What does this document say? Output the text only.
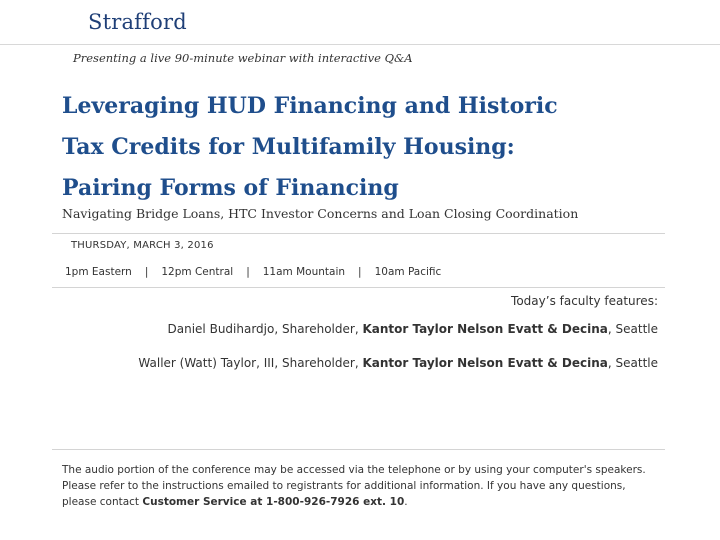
Strafford
Presenting a live 90-minute webinar with interactive Q&A
Leveraging HUD Financing and Historic
Tax Credits for Multifamily Housing:
Pairing Forms of Financing
Navigating Bridge Loans, HTC Investor Concerns and Loan Closing Coordination
THURSDAY, MARCH 3, 2016
1pm Eastern | 12pm Central | 11am Mountain | 10am Pacific
Today’s faculty features:
Daniel Budihardjo, Shareholder, Kantor Taylor Nelson Evatt & Decina, Seattle
Waller (Watt) Taylor, III, Shareholder, Kantor Taylor Nelson Evatt & Decina, Seattle
The audio portion of the conference may be accessed via the telephone or by using your computer's speakers. Please refer to the instructions emailed to registrants for additional information. If you have any questions, please contact Customer Service at 1-800-926-7926 ext. 10.
